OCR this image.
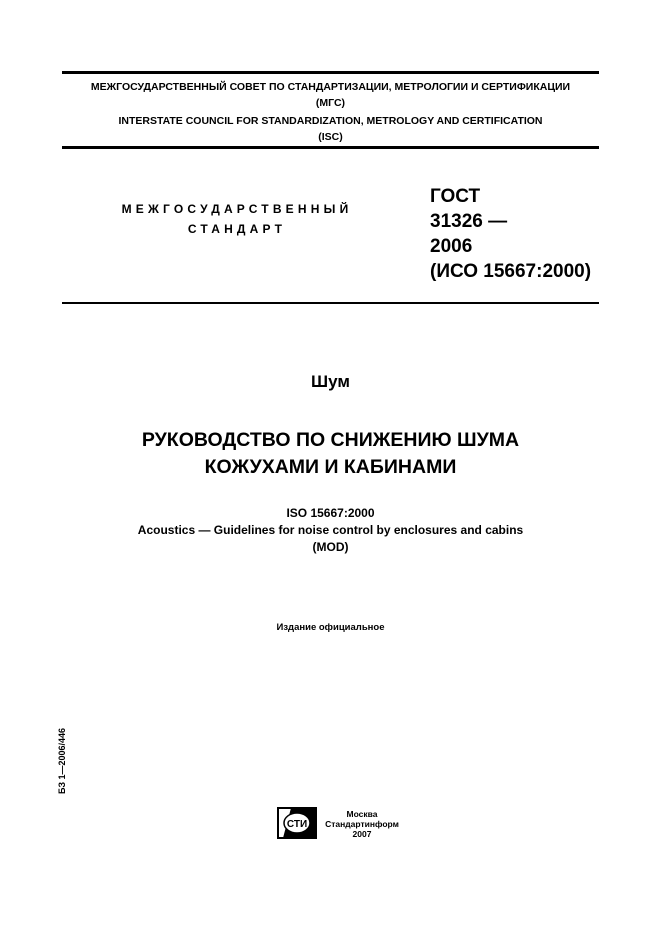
МЕЖГОСУДАРСТВЕННЫЙ СОВЕТ ПО СТАНДАРТИЗАЦИИ, МЕТРОЛОГИИ И СЕРТИФИКАЦИИ
(МГС)
INTERSTATE COUNCIL FOR STANDARDIZATION, METROLOGY AND CERTIFICATION
(ISC)
МЕЖГОСУДАРСТВЕННЫЙ
СТАНДАРТ
ГОСТ
31326 —
2006
(ИСО 15667:2000)
Шум
РУКОВОДСТВО ПО СНИЖЕНИЮ ШУМА
КОЖУХАМИ И КАБИНАМИ
ISO 15667:2000
Acoustics — Guidelines for noise control by enclosures and cabins
(MOD)
Издание официальное
БЗ 1—2006/446
СТИ
Москва
Стандартинформ
2007
